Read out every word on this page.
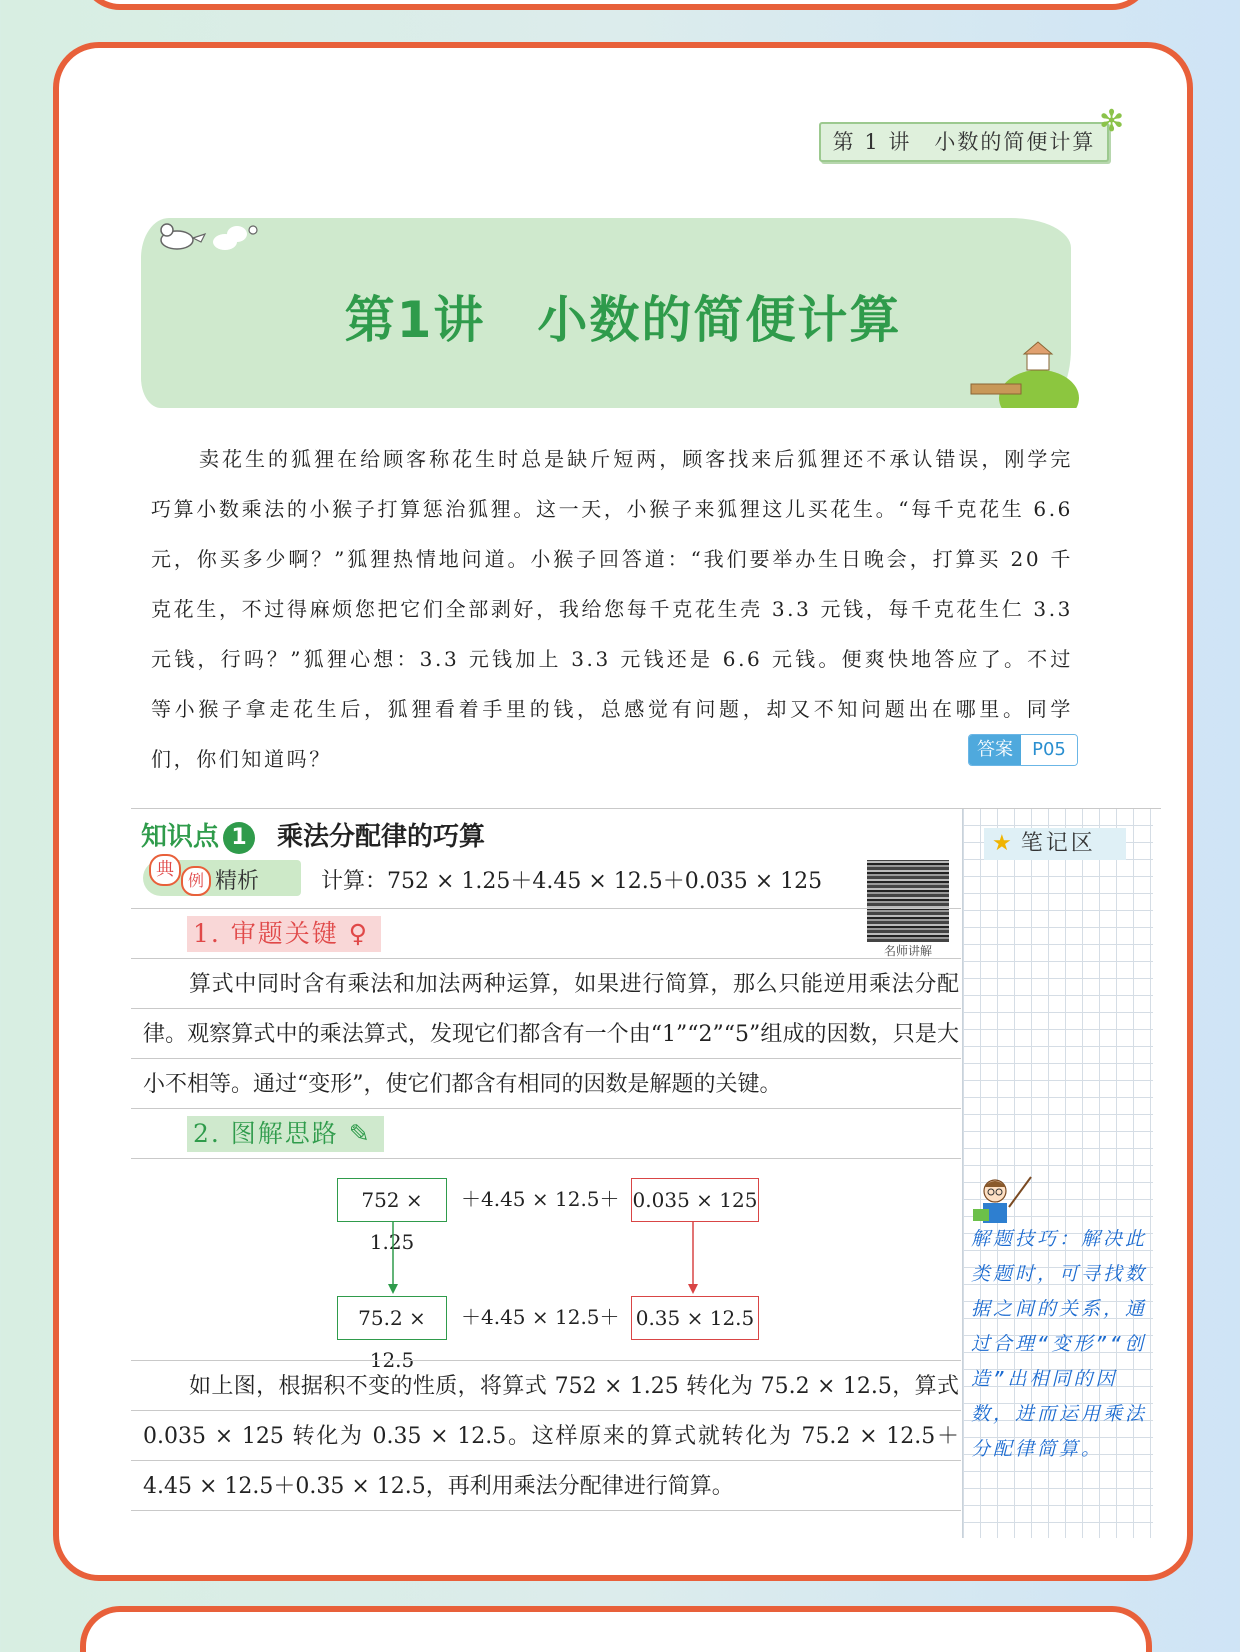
第 1 讲　小数的简便计算
✻
第1讲　小数的简便计算

卖花生的狐狸在给顾客称花生时总是缺斤短两，顾客找来后狐狸还不承认错误，刚学完巧算小数乘法的小猴子打算惩治狐狸。这一天，小猴子来狐狸这儿买花生。“每千克花生 6.6 元，你买多少啊？”狐狸热情地问道。小猴子回答道：“我们要举办生日晚会，打算买 20 千克花生，不过得麻烦您把它们全部剥好，我给您每千克花生壳 3.3 元钱，每千克花生仁 3.3 元钱，行吗？”狐狸心想：3.3 元钱加上 3.3 元钱还是 6.6 元钱。便爽快地答应了。不过等小猴子拿走花生后，狐狸看着手里的钱，总感觉有问题，却又不知问题出在哪里。同学们，你们知道吗？	答案	P05
★ 笔记区
知识点 1 乘法分配律的巧算
典
例 精析	计算：752 × 1.25＋4.45 × 12.5＋0.035 × 125
名师讲解
1. 审题关键 ♀

算式中同时含有乘法和加法两种运算，如果进行简算，那么只能逆用乘法分配律。观察算式中的乘法算式，发现它们都含有一个由“1”“2”“5”组成的因数，只是大小不相等。通过“变形”，使它们都含有相同的因数是解题的关键。

2. 图解思路 ✎
752 × 1.25
＋4.45 × 12.5＋ 0.035 × 125
75.2 × 12.5
＋4.45 × 12.5＋ 0.35 × 12.5

如上图，根据积不变的性质，将算式 752 × 1.25 转化为 75.2 × 12.5，算式 0.035 × 125 转化为 0.35 × 12.5。这样原来的算式就转化为 75.2 × 12.5＋4.45 × 12.5＋0.35 × 12.5，再利用乘法分配律进行简算。

解题技巧：解决此类题时，可寻找数据之间的关系，通过合理“变形”“创造”出相同的因数，进而运用乘法分配律简算。
